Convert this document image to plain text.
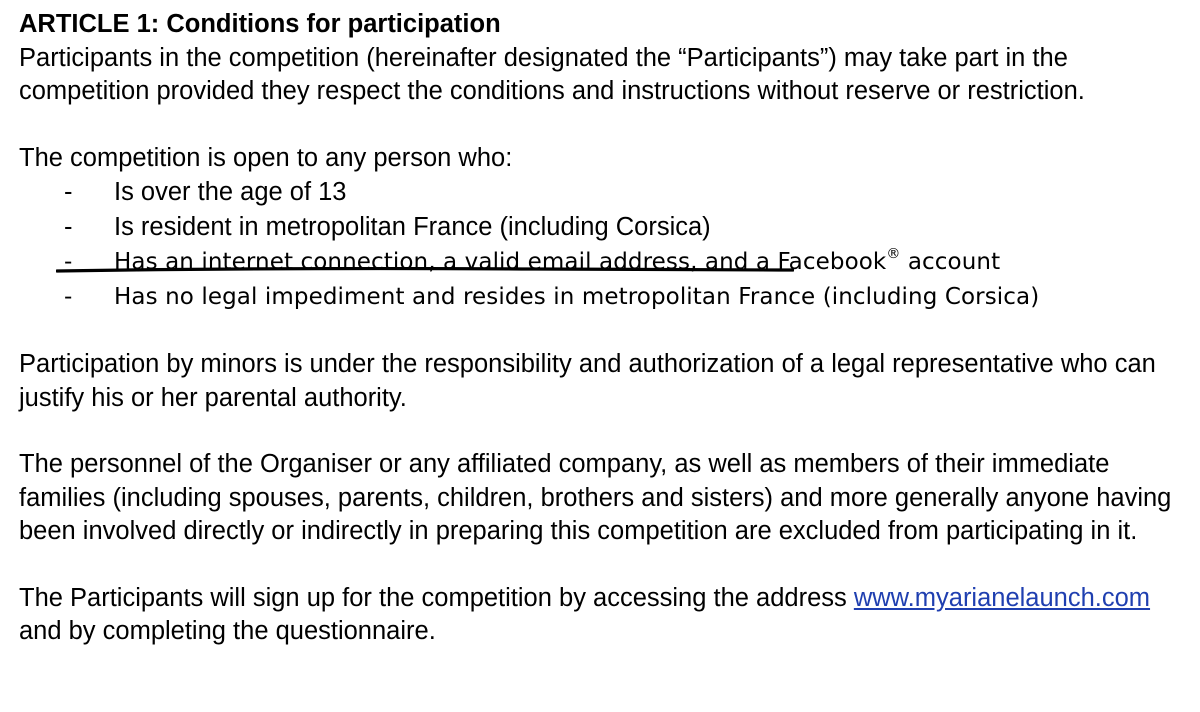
ARTICLE 1: Conditions for participation

Participants in the competition (hereinafter designated the “Participants”) may take part in the competition provided they respect the conditions and instructions without reserve or restriction.

The competition is open to any person who:

- Is over the age of 13
- Is resident in metropolitan France (including Corsica)
- Has an internet connection, a valid email address, and a Facebook® account
- Has no legal impediment and resides in metropolitan France (including Corsica)

Participation by minors is under the responsibility and authorization of a legal representative who can justify his or her parental authority.

The personnel of the Organiser or any affiliated company, as well as members of their immediate families (including spouses, parents, children, brothers and sisters) and more generally anyone having been involved directly or indirectly in preparing this competition are excluded from participating in it.

The Participants will sign up for the competition by accessing the address www.myarianelaunch.com and by completing the questionnaire.
